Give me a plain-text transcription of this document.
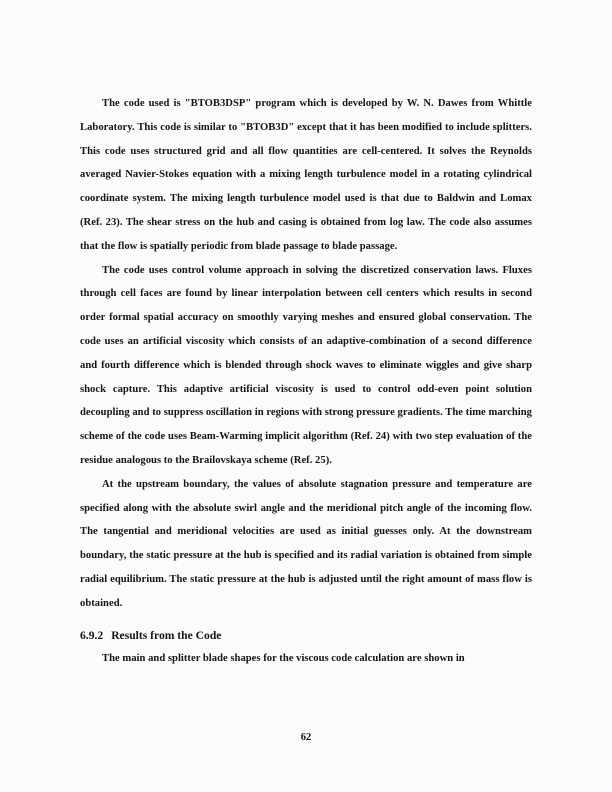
The code used is "BTOB3DSP" program which is developed by W. N. Dawes from Whittle Laboratory. This code is similar to "BTOB3D" except that it has been modified to include splitters. This code uses structured grid and all flow quantities are cell-centered. It solves the Reynolds averaged Navier-Stokes equation with a mixing length turbulence model in a rotating cylindrical coordinate system. The mixing length turbulence model used is that due to Baldwin and Lomax (Ref. 23). The shear stress on the hub and casing is obtained from log law. The code also assumes that the flow is spatially periodic from blade passage to blade passage.

The code uses control volume approach in solving the discretized conservation laws. Fluxes through cell faces are found by linear interpolation between cell centers which results in second order formal spatial accuracy on smoothly varying meshes and ensured global conservation. The code uses an artificial viscosity which consists of an adaptive-combination of a second difference and fourth difference which is blended through shock waves to eliminate wiggles and give sharp shock capture. This adaptive artificial viscosity is used to control odd-even point solution decoupling and to suppress oscillation in regions with strong pressure gradients. The time marching scheme of the code uses Beam-Warming implicit algorithm (Ref. 24) with two step evaluation of the residue analogous to the Brailovskaya scheme (Ref. 25).

At the upstream boundary, the values of absolute stagnation pressure and temperature are specified along with the absolute swirl angle and the meridional pitch angle of the incoming flow. The tangential and meridional velocities are used as initial guesses only. At the downstream boundary, the static pressure at the hub is specified and its radial variation is obtained from simple radial equilibrium. The static pressure at the hub is adjusted until the right amount of mass flow is obtained.

6.9.2 Results from the Code

The main and splitter blade shapes for the viscous code calculation are shown in

62
